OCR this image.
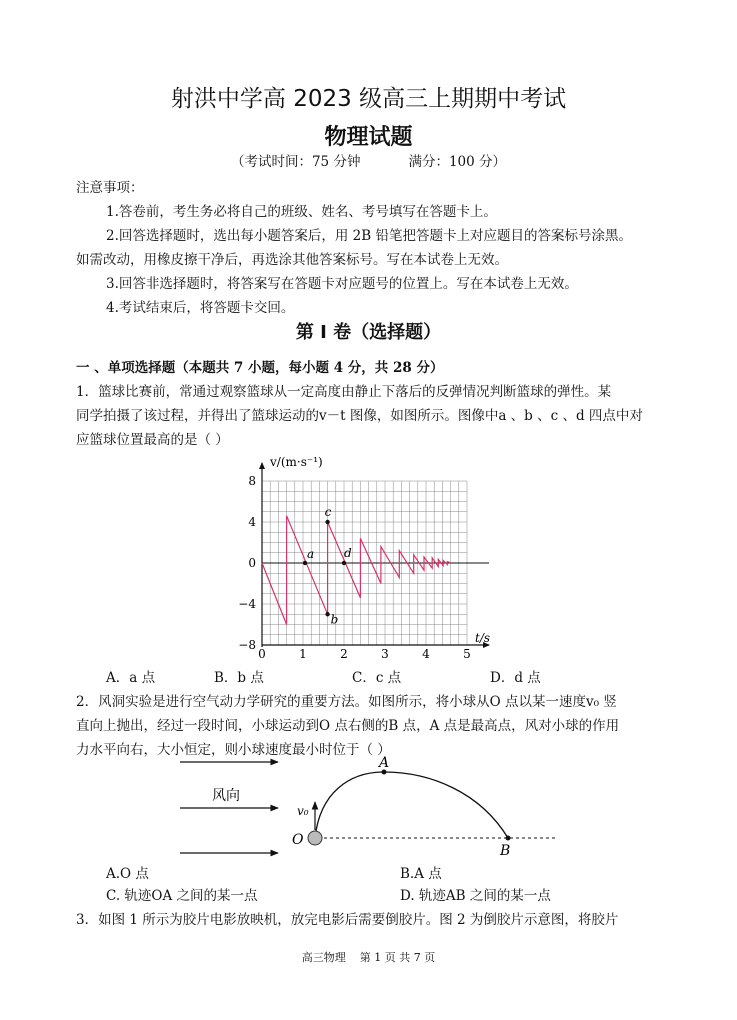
射洪中学高 2023 级高三上期期中考试
物理试题
（考试时间：75 分钟	满分：100 分）
注意事项：
1.答卷前，考生务必将自己的班级、姓名、考号填写在答题卡上。
2.回答选择题时，选出每小题答案后，用 2B 铅笔把答题卡上对应题目的答案标号涂黑。
如需改动，用橡皮擦干净后，再选涂其他答案标号。写在本试卷上无效。
3.回答非选择题时，将答案写在答题卡对应题号的位置上。写在本试卷上无效。
4.考试结束后，将答题卡交回。
第 I 卷（选择题）
一 、单项选择题（本题共 7 小题，每小题 4 分，共 28 分）
1．篮球比赛前，常通过观察篮球从一定高度由静止下落后的反弹情况判断篮球的弹性。某
同学拍摄了该过程，并得出了篮球运动的v－t 图像，如图所示。图像中a 、b 、c 、d 四点中对
应篮球位置最高的是（ ）
a
b
c
d
8
4
0
−4
−8
0	1	2	3	4	5
v/(m·s⁻¹)
t/s
A．a 点	B．b 点	C．c 点	D．d 点
2．风洞实验是进行空气动力学研究的重要方法。如图所示，将小球从O 点以某一速度v₀ 竖
直向上抛出，经过一段时间，小球运动到O 点右侧的B 点，A 点是最高点，风对小球的作用
力水平向右，大小恒定，则小球速度最小时位于（ ）
风向
v₀
O
A
B
A.O 点	B.A 点
C. 轨迹OA 之间的某一点	D. 轨迹AB 之间的某一点
3．如图 1 所示为胶片电影放映机，放完电影后需要倒胶片。图 2 为倒胶片示意图，将胶片
高三物理 第 1 页 共 7 页
